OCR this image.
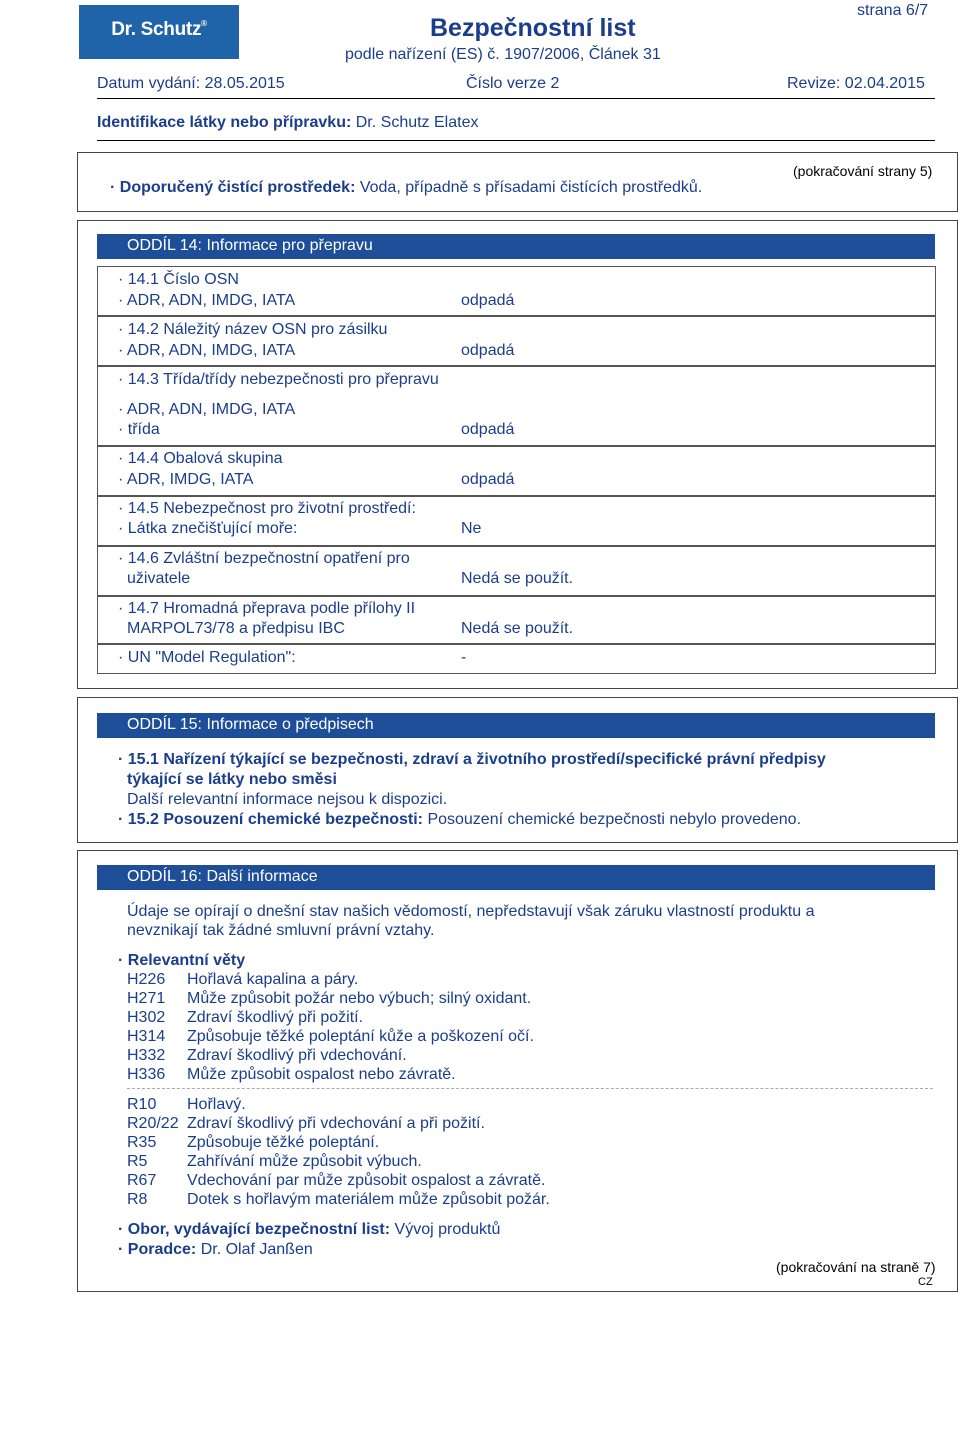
Dr. Schutz®	Bezpečnostní list
podle nařízení (ES) č. 1907/2006, Článek 31
strana 6/7
Datum vydání: 28.05.2015	Číslo verze 2	Revize: 02.04.2015
Identifikace látky nebo přípravku: Dr. Schutz Elatex
(pokračování strany 5)
· Doporučený čistící prostředek: Voda, případně s přísadami čistících prostředků.
ODDÍL 14: Informace pro přepravu
· 14.1 Číslo OSN
· ADR, ADN, IMDG, IATA	odpadá
· 14.2 Náležitý název OSN pro zásilku
· ADR, ADN, IMDG, IATA	odpadá
· 14.3 Třída/třídy nebezpečnosti pro přepravu
· ADR, ADN, IMDG, IATA
· třída	odpadá
· 14.4 Obalová skupina
· ADR, IMDG, IATA	odpadá
· 14.5 Nebezpečnost pro životní prostředí:
· Látka znečišťující moře:	Ne
· 14.6 Zvláštní bezpečnostní opatření pro
uživatele	Nedá se použít.
· 14.7 Hromadná přeprava podle přílohy II
MARPOL73/78 a předpisu IBC	Nedá se použít.
· UN "Model Regulation":	-
ODDÍL 15: Informace o předpisech
· 15.1 Nařízení týkající se bezpečnosti, zdraví a životního prostředí/specifické právní předpisy
týkající se látky nebo směsi
Další relevantní informace nejsou k dispozici.
· 15.2 Posouzení chemické bezpečnosti: Posouzení chemické bezpečnosti nebylo provedeno.
ODDÍL 16: Další informace
Údaje se opírají o dnešní stav našich vědomostí, nepředstavují však záruku vlastností produktu a
nevznikají tak žádné smluvní právní vztahy.
· Relevantní věty
H226 Hořlavá kapalina a páry.
H271 Může způsobit požár nebo výbuch; silný oxidant.
H302 Zdraví škodlivý při požití.
H314 Způsobuje těžké poleptání kůže a poškození očí.
H332 Zdraví škodlivý při vdechování.
H336 Může způsobit ospalost nebo závratě.
R10 Hořlavý.
R20/22 Zdraví škodlivý při vdechování a při požití.
R35 Způsobuje těžké poleptání.
R5 Zahřívání může způsobit výbuch.
R67 Vdechování par může způsobit ospalost a závratě.
R8 Dotek s hořlavým materiálem může způsobit požár.
· Obor, vydávající bezpečnostní list: Vývoj produktů
· Poradce: Dr. Olaf Janßen
(pokračování na straně 7)
CZ
